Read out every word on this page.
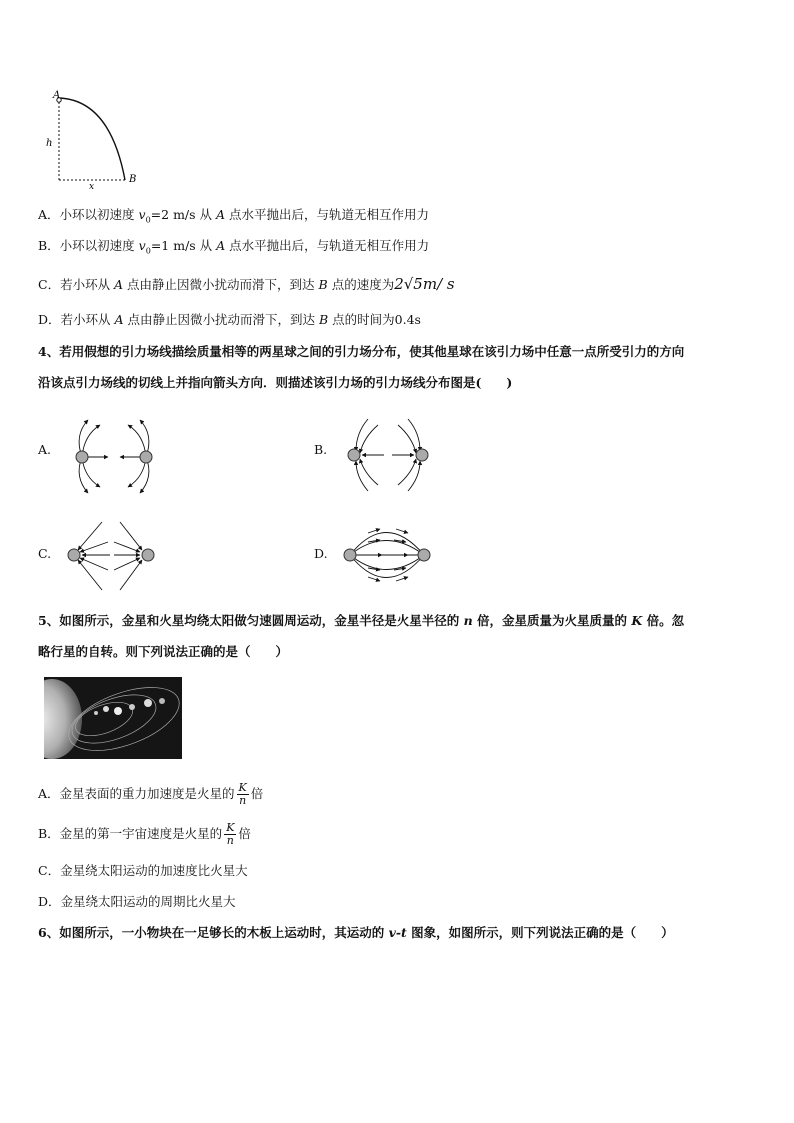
A
h
x
B
A．小环以初速度 $v_0=2$ m/s 从 A 点水平抛出后，与轨道无相互作用力
B．小环以初速度 $v_0=1$ m/s 从 A 点水平抛出后，与轨道无相互作用力
C．若小环从 A 点由静止因微小扰动而滑下，到达 B 点的速度为2√5m/ s
D．若小环从 A 点由静止因微小扰动而滑下，到达 B 点的时间为0.4s
4、若用假想的引力场线描绘质量相等的两星球之间的引力场分布，使其他星球在该引力场中任意一点所受引力的方向
沿该点引力场线的切线上并指向箭头方向．则描述该引力场的引力场线分布图是(　　)
A.	B.
C.	D.
5、如图所示，金星和火星均绕太阳做匀速圆周运动，金星半径是火星半径的 n 倍，金星质量为火星质量的 K 倍。忽
略行星的自转。则下列说法正确的是（　　）
A．金星表面的重力加速度是火星的 $\frac{K}{n}$ 倍
B．金星的第一宇宙速度是火星的 $\frac{K}{n}$ 倍
C．金星绕太阳运动的加速度比火星大
D．金星绕太阳运动的周期比火星大
6、如图所示，一小物块在一足够长的木板上运动时，其运动的 v-t 图象，如图所示，则下列说法正确的是（　　）
